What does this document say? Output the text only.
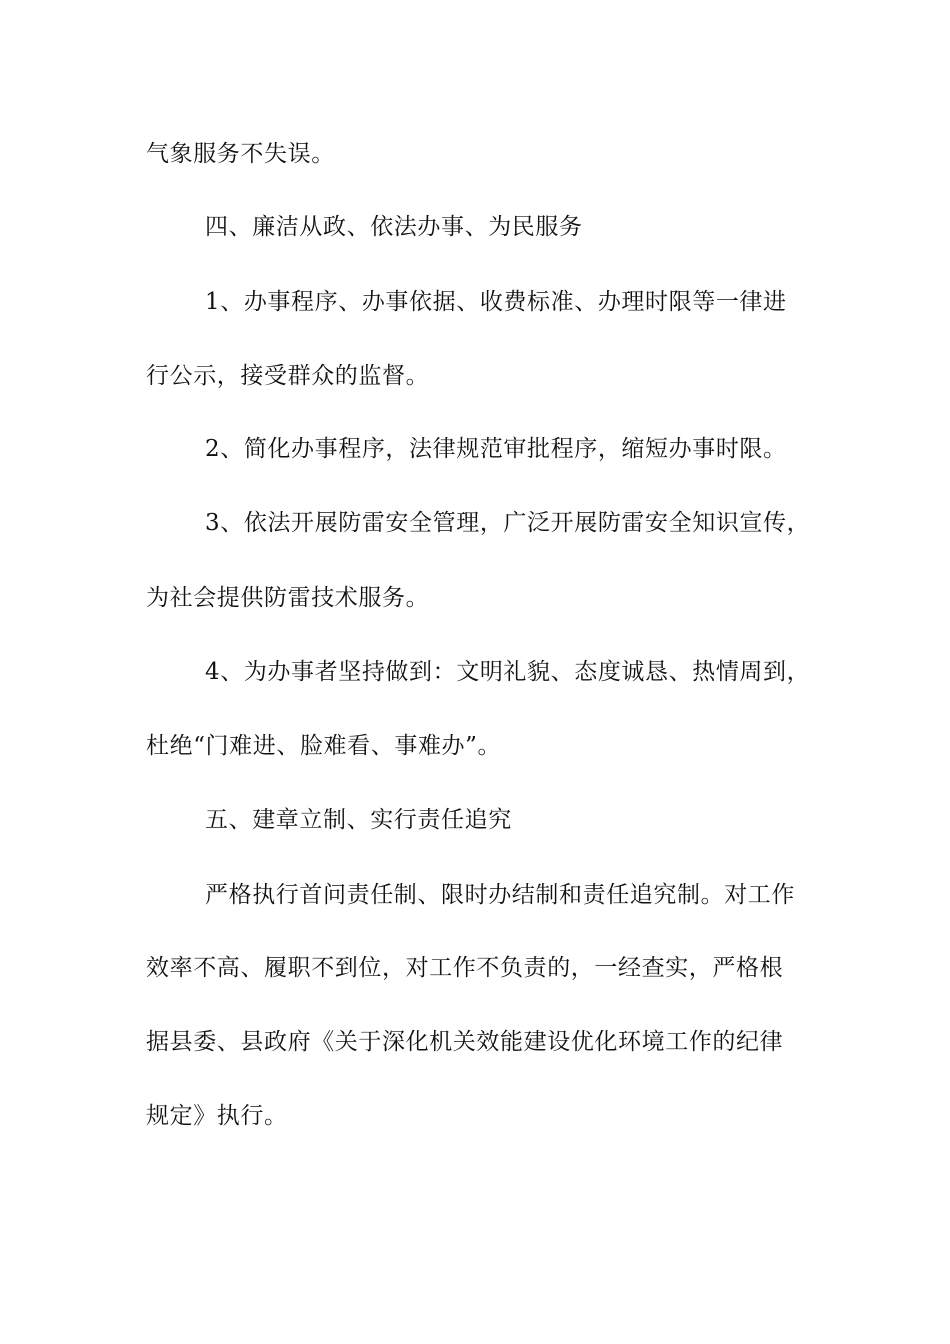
气象服务不失误。
四、廉洁从政、依法办事、为民服务
1、办事程序、办事依据、收费标准、办理时限等一律进
行公示，接受群众的监督。
2、简化办事程序，法律规范审批程序，缩短办事时限。
3、依法开展防雷安全管理，广泛开展防雷安全知识宣传，
为社会提供防雷技术服务。
4、为办事者坚持做到：文明礼貌、态度诚恳、热情周到，
杜绝“门难进、脸难看、事难办”。
五、建章立制、实行责任追究
严格执行首问责任制、限时办结制和责任追究制。对工作
效率不高、履职不到位，对工作不负责的，一经查实，严格根
据县委、县政府《关于深化机关效能建设优化环境工作的纪律
规定》执行。
